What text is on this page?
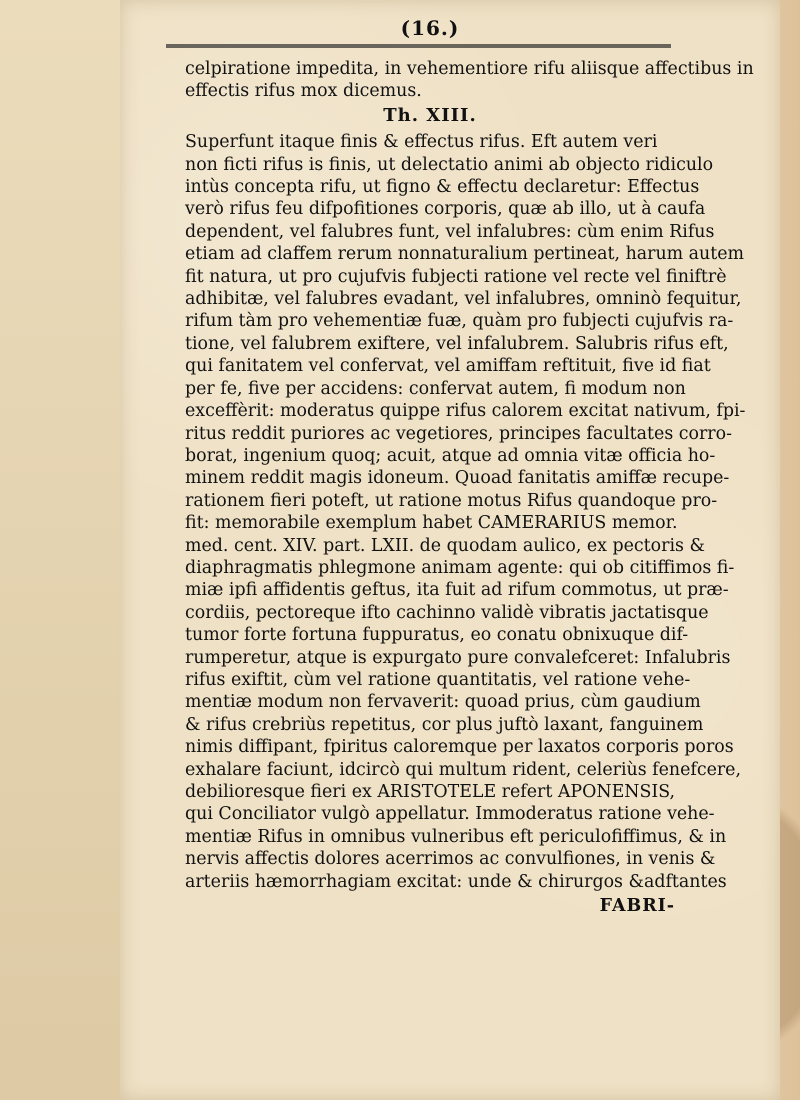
(16.)
celpiratione impedita, in vehementiore rifu aliisque affectibus in
effectis rifus mox dicemus.
Th. XIII.
Superfunt itaque finis & effectus rifus. Eft autem veri
non ficti rifus is finis, ut delectatio animi ab objecto ridiculo
intùs concepta rifu, ut figno & effectu declaretur: Effectus
verò rifus feu difpofitiones corporis, quæ ab illo, ut à caufa
dependent, vel falubres funt, vel infalubres: cùm enim Rifus
etiam ad claffem rerum nonnaturalium pertineat, harum autem
fit natura, ut pro cujufvis fubjecti ratione vel recte vel finiftrè
adhibitæ, vel falubres evadant, vel infalubres, omninò fequitur,
rifum tàm pro vehementiæ fuæ, quàm pro fubjecti cujufvis ra-
tione, vel falubrem exiftere, vel infalubrem. Salubris rifus eft,
qui fanitatem vel confervat, vel amiffam reftituit, five id fiat
per fe, five per accidens: confervat autem, fi modum non
exceffèrit: moderatus quippe rifus calorem excitat nativum, fpi-
ritus reddit puriores ac vegetiores, principes facultates corro-
borat, ingenium quoq; acuit, atque ad omnia vitæ officia ho-
minem reddit magis idoneum. Quoad fanitatis amiffæ recupe-
rationem fieri poteft, ut ratione motus Rifus quandoque pro-
fit: memorabile exemplum habet CAMERARIUS memor.
med. cent. XIV. part. LXII. de quodam aulico, ex pectoris &
diaphragmatis phlegmone animam agente: qui ob citiffimos fi-
miæ ipfi affidentis geftus, ita fuit ad rifum commotus, ut præ-
cordiis, pectoreque ifto cachinno validè vibratis jactatisque
tumor forte fortuna fuppuratus, eo conatu obnixuque dif-
rumperetur, atque is expurgato pure convalefceret: Infalubris
rifus exiftit, cùm vel ratione quantitatis, vel ratione vehe-
mentiæ modum non fervaverit: quoad prius, cùm gaudium
& rifus crebriùs repetitus, cor plus juftò laxant, fanguinem
nimis diffipant, fpiritus caloremque per laxatos corporis poros
exhalare faciunt, idcircò qui multum rident, celeriùs fenefcere,
debilioresque fieri ex ARISTOTELE refert APONENSIS,
qui Conciliator vulgò appellatur. Immoderatus ratione vehe-
mentiæ Rifus in omnibus vulneribus eft periculofiffimus, & in
nervis affectis dolores acerrimos ac convulfiones, in venis &
arteriis hæmorrhagiam excitat: unde & chirurgos &adftantes
FABRI-
